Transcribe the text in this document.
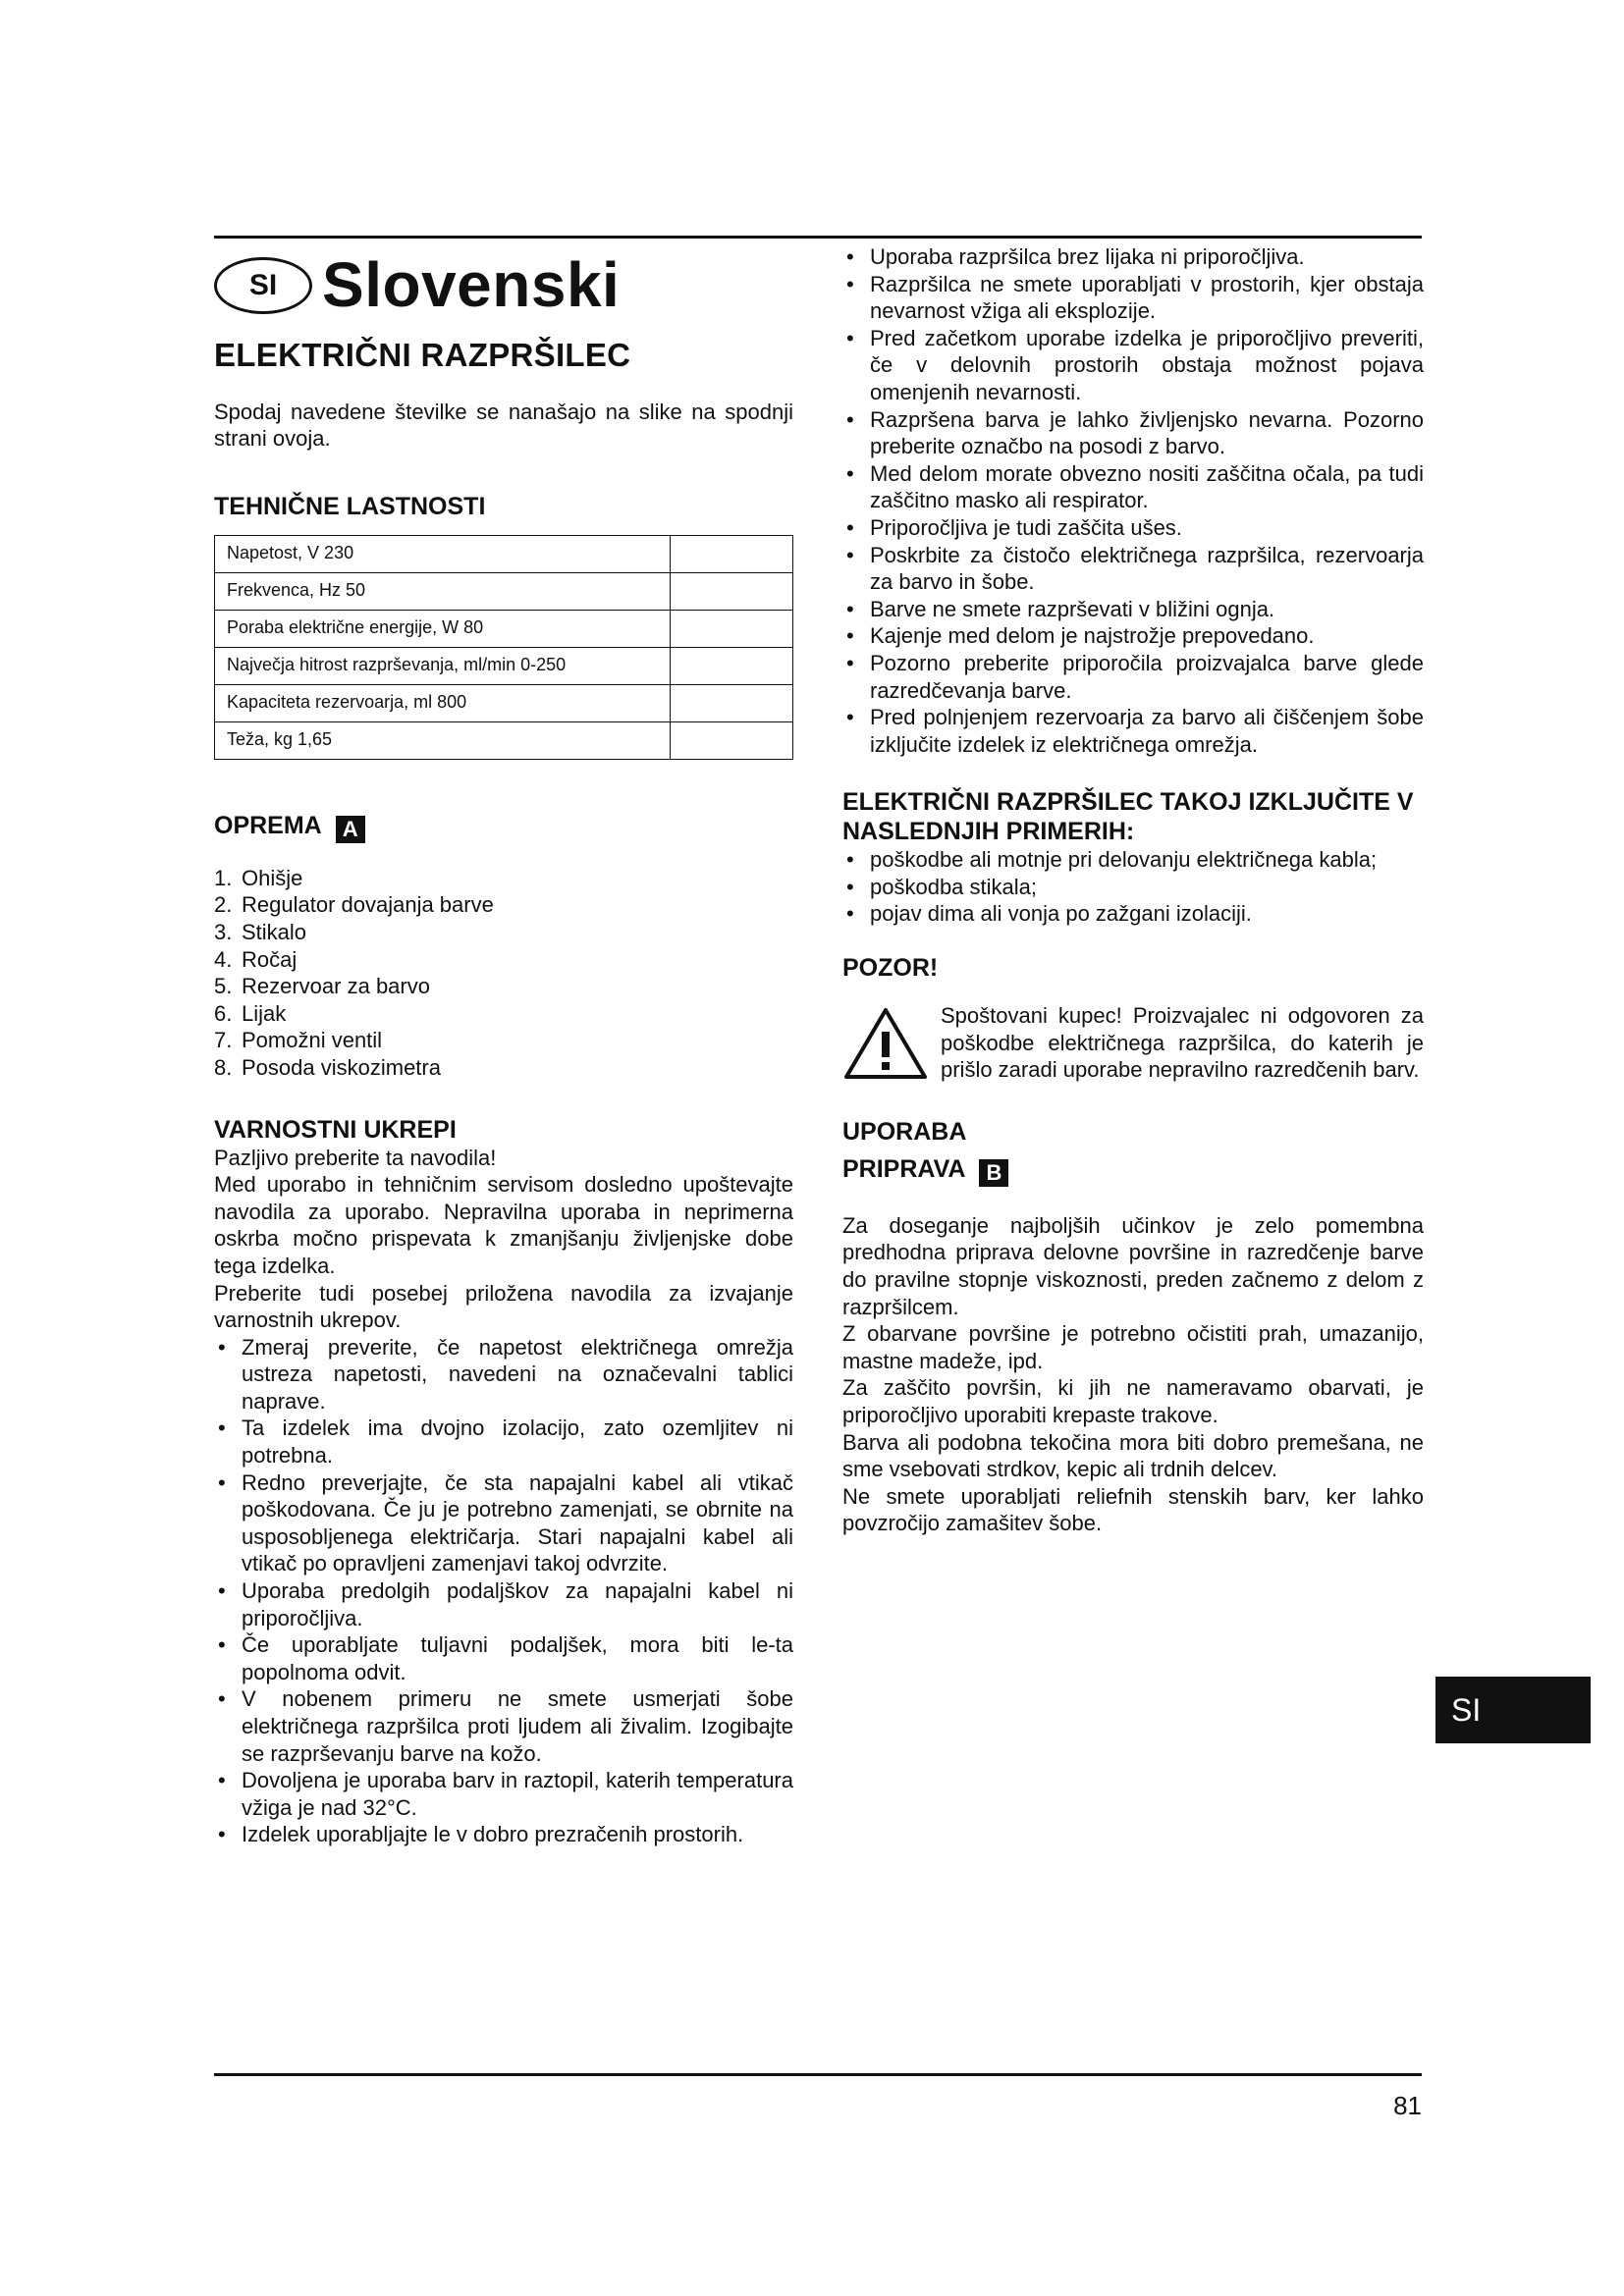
SI Slovenski
ELEKTRIČNI RAZPRŠILEC

Spodaj navedene številke se nanašajo na slike na spodnji strani ovoja.

TEHNIČNE LASTNOSTI
Napetost, V 230	
Frekvenca, Hz 50	
Poraba električne energije, W 80	
Največja hitrost razprševanja, ml/min 0-250	
Kapaciteta rezervoarja, ml 800	
Teža, kg 1,65	
OPREMA A
1. Ohišje
2. Regulator dovajanja barve
3. Stikalo
4. Ročaj
5. Rezervoar za barvo
6. Lijak
7. Pomožni ventil
8. Posoda viskozimetra
VARNOSTNI UKREPI

Pazljivo preberite ta navodila!

Med uporabo in tehničnim servisom dosledno upoštevajte navodila za uporabo. Nepravilna uporaba in neprimerna oskrba močno prispevata k zmanjšanju življenjske dobe tega izdelka.

Preberite tudi posebej priložena navodila za izvajanje varnostnih ukrepov.

• Zmeraj preverite, če napetost električnega omrežja ustreza napetosti, navedeni na označevalni tablici naprave.
• Ta izdelek ima dvojno izolacijo, zato ozemljitev ni potrebna.
• Redno preverjajte, če sta napajalni kabel ali vtikač poškodovana. Če ju je potrebno zamenjati, se obrnite na usposobljenega električarja. Stari napajalni kabel ali vtikač po opravljeni zamenjavi takoj odvrzite.
• Uporaba predolgih podaljškov za napajalni kabel ni priporočljiva.
• Če uporabljate tuljavni podaljšek, mora biti le-ta popolnoma odvit.
• V nobenem primeru ne smete usmerjati šobe električnega razpršilca proti ljudem ali živalim. Izogibajte se razprševanju barve na kožo.
• Dovoljena je uporaba barv in raztopil, katerih temperatura vžiga je nad 32°C.
• Izdelek uporabljajte le v dobro prezračenih prostorih.
• Uporaba razpršilca brez lijaka ni priporočljiva.
• Razpršilca ne smete uporabljati v prostorih, kjer obstaja nevarnost vžiga ali eksplozije.
• Pred začetkom uporabe izdelka je priporočljivo preveriti, če v delovnih prostorih obstaja možnost pojava omenjenih nevarnosti.
• Razpršena barva je lahko življenjsko nevarna. Pozorno preberite označbo na posodi z barvo.
• Med delom morate obvezno nositi zaščitna očala, pa tudi zaščitno masko ali respirator.
• Priporočljiva je tudi zaščita ušes.
• Poskrbite za čistočo električnega razpršilca, rezervoarja za barvo in šobe.
• Barve ne smete razprševati v bližini ognja.
• Kajenje med delom je najstrožje prepovedano.
• Pozorno preberite priporočila proizvajalca barve glede razredčevanja barve.
• Pred polnjenjem rezervoarja za barvo ali čiščenjem šobe izključite izdelek iz električnega omrežja.
ELEKTRIČNI RAZPRŠILEC TAKOJ IZKLJUČITE V NASLEDNJIH PRIMERIH:
• poškodbe ali motnje pri delovanju električnega kabla;
• poškodba stikala;
• pojav dima ali vonja po zažgani izolaciji.
POZOR!

Spoštovani kupec! Proizvajalec ni odgovoren za poškodbe električnega razpršilca, do katerih je prišlo zaradi uporabe nepravilno razredčenih barv.

UPORABA
PRIPRAVA B

Za doseganje najboljših učinkov je zelo pomembna predhodna priprava delovne površine in razredčenje barve do pravilne stopnje viskoznosti, preden začnemo z delom z razpršilcem.

Z obarvane površine je potrebno očistiti prah, umazanijo, mastne madeže, ipd.

Za zaščito površin, ki jih ne nameravamo obarvati, je priporočljivo uporabiti krepaste trakove.

Barva ali podobna tekočina mora biti dobro premešana, ne sme vsebovati strdkov, kepic ali trdnih delcev.

Ne smete uporabljati reliefnih stenskih barv, ker lahko povzročijo zamašitev šobe.

SI
81
